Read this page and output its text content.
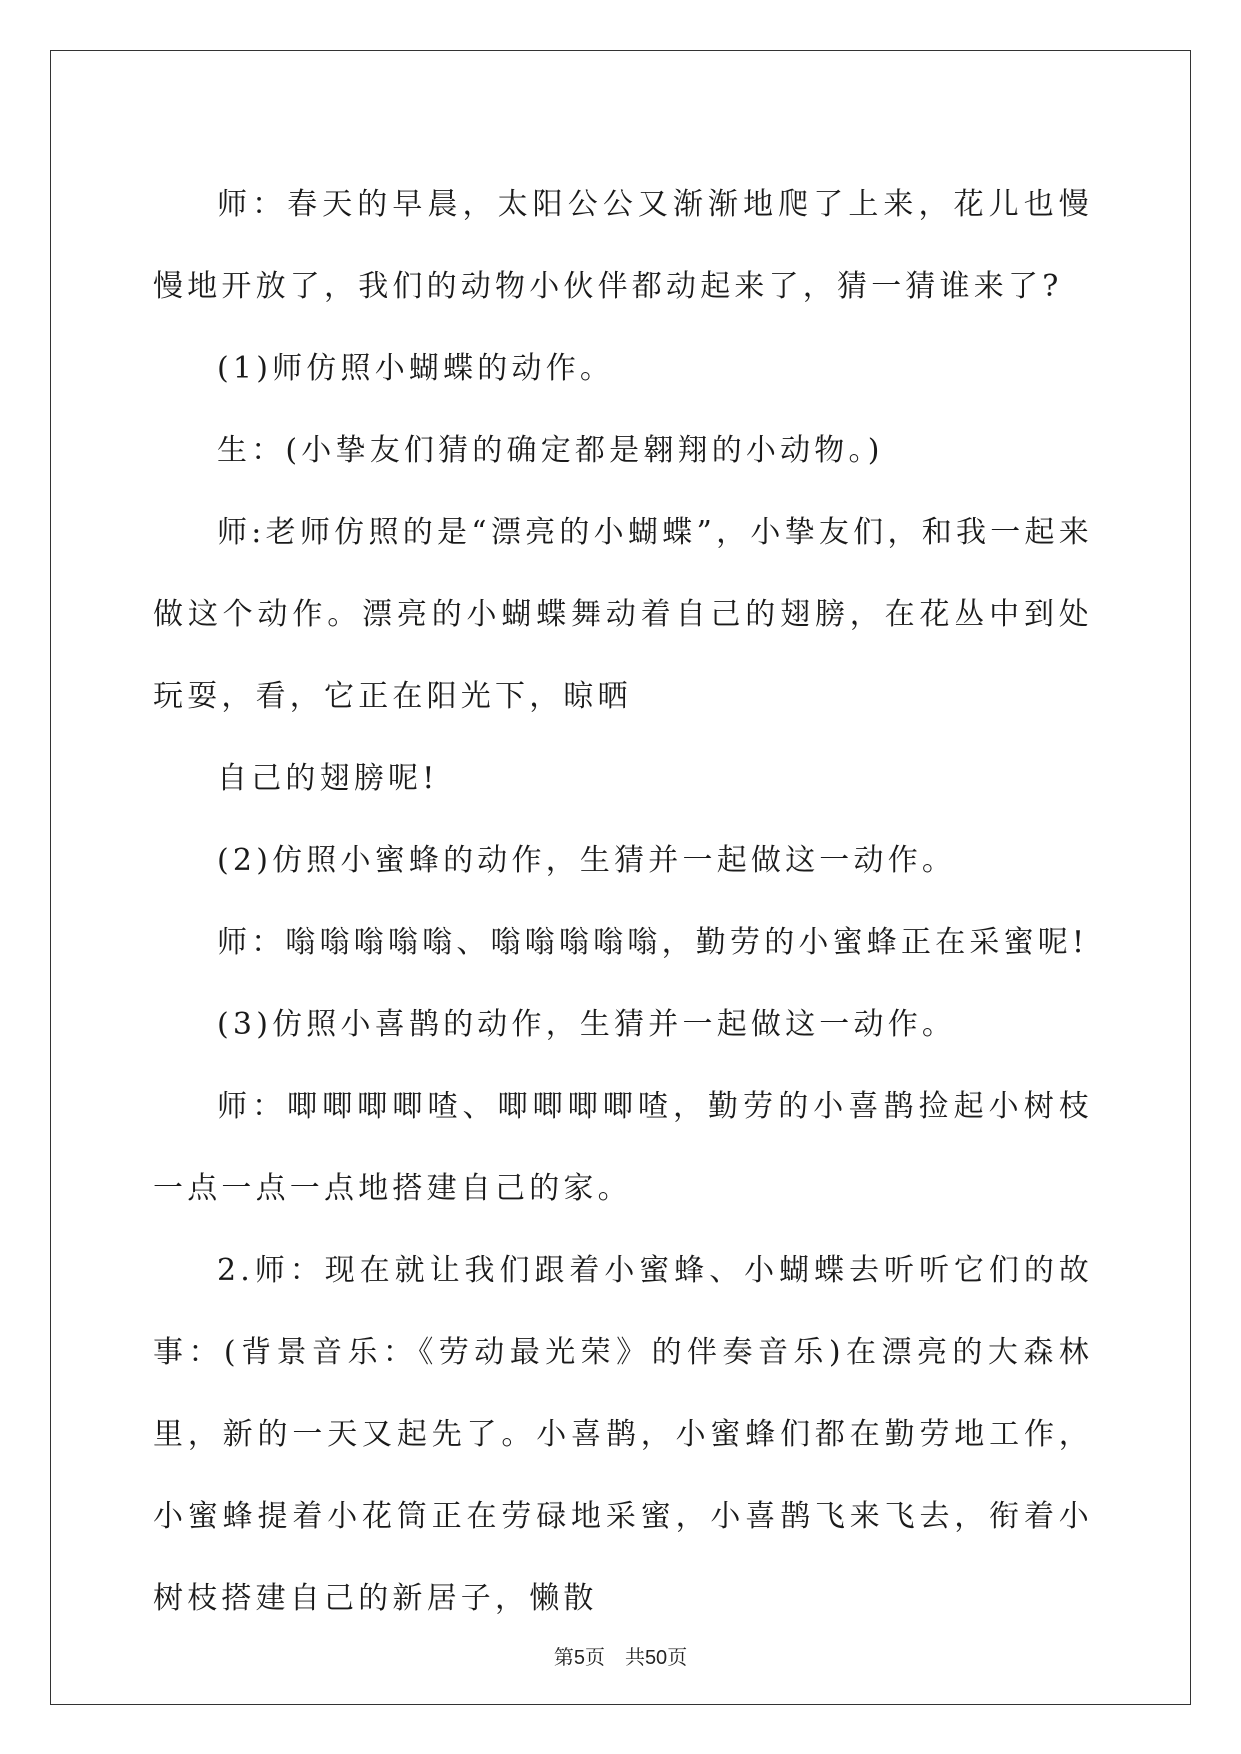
师：春天的早晨，太阳公公又渐渐地爬了上来，花儿也慢慢地开放了，我们的动物小伙伴都动起来了，猜一猜谁来了?

(1)师仿照小蝴蝶的动作。

生：(小挚友们猜的确定都是翱翔的小动物。)

师:老师仿照的是“漂亮的小蝴蝶”，小挚友们，和我一起来做这个动作。漂亮的小蝴蝶舞动着自己的翅膀，在花丛中到处玩耍，看，它正在阳光下，晾晒

自己的翅膀呢!

(2)仿照小蜜蜂的动作，生猜并一起做这一动作。

师：嗡嗡嗡嗡嗡、嗡嗡嗡嗡嗡，勤劳的小蜜蜂正在采蜜呢!

(3)仿照小喜鹊的动作，生猜并一起做这一动作。

师：唧唧唧唧喳、唧唧唧唧喳，勤劳的小喜鹊捡起小树枝一点一点一点地搭建自己的家。

2.师：现在就让我们跟着小蜜蜂、小蝴蝶去听听它们的故事：(背景音乐：《劳动最光荣》的伴奏音乐)在漂亮的大森林里，新的一天又起先了。小喜鹊，小蜜蜂们都在勤劳地工作，小蜜蜂提着小花筒正在劳碌地采蜜，小喜鹊飞来飞去，衔着小树枝搭建自己的新居子，懒散

第5页 共50页
